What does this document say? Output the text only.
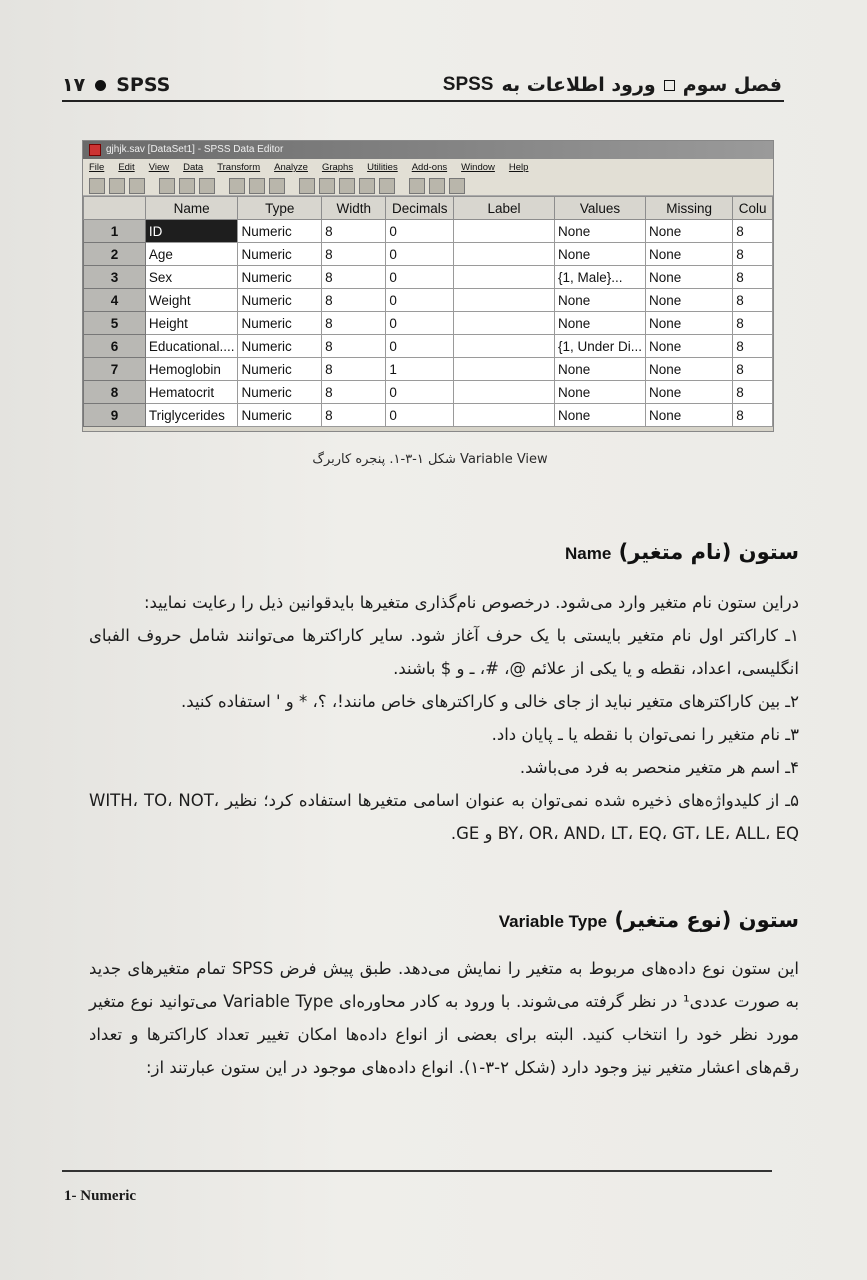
۱۷ SPSS	فصل سوم
ورود اطلاعات به
SPSS
gjhjk.sav [DataSet1] - SPSS Data Editor
File Edit View Data Transform Analyze Graphs Utilities Add-ons Window Help
	Name	Type	Width	Decimals	Label	Values	Missing	Colu
1	ID	Numeric	8	0		None	None	8
2	Age	Numeric	8	0		None	None	8
3	Sex	Numeric	8	0		{1, Male}...	None	8
4	Weight	Numeric	8	0		None	None	8
5	Height	Numeric	8	0		None	None	8
6	Educational....	Numeric	8	0		{1, Under Di...	None	8
7	Hemoglobin	Numeric	8	1		None	None	8
8	Hematocrit	Numeric	8	0		None	None	8
9	Triglycerides	Numeric	8	0		None	None	8
شکل ۱-۳-۱. پنجره کاربرگ Variable View
ستون (نام متغیر) Name
دراین ستون نام متغیر وارد می‌شود. درخصوص نام‌گذاری متغیرها بایدقوانین ذیل را رعایت نمایید:
۱ـ کاراکتر اول نام متغیر بایستی با یک حرف آغاز شود. سایر کاراکترها می‌توانند شامل حروف الفبای انگلیسی، اعداد، نقطه و یا یکی از علائم @، #، ـ و $ باشند.
۲ـ بین کاراکترهای متغیر نباید از جای خالی و کاراکترهای خاص مانند!، ؟، * و ' استفاده کنید.
۳ـ نام متغیر را نمی‌توان با نقطه یا ـ پایان داد.
۴ـ اسم هر متغیر منحصر به فرد می‌باشد.
۵ـ از کلیدواژه‌های ذخیره شده نمی‌توان به عنوان اسامی متغیرها استفاده کرد؛ نظیر WITH، TO، NOT، BY، OR، AND، LT، EQ، GT، LE، ALL، EQ و GE.
ستون (نوع متغیر) Variable Type
این ستون نوع داده‌های مربوط به متغیر را نمایش می‌دهد. طبق پیش فرض SPSS تمام متغیرهای جدید به صورت عددی¹ در نظر گرفته می‌شوند. با ورود به کادر محاوره‌ای Variable Type می‌توانید نوع متغیر مورد نظر خود را انتخاب کنید. البته برای بعضی از انواع داده‌ها امکان تغییر تعداد کاراکترها و تعداد رقم‌های اعشار متغیر نیز وجود دارد (شکل ۲-۳-۱). انواع داده‌های موجود در این ستون عبارتند از:
1- Numeric
